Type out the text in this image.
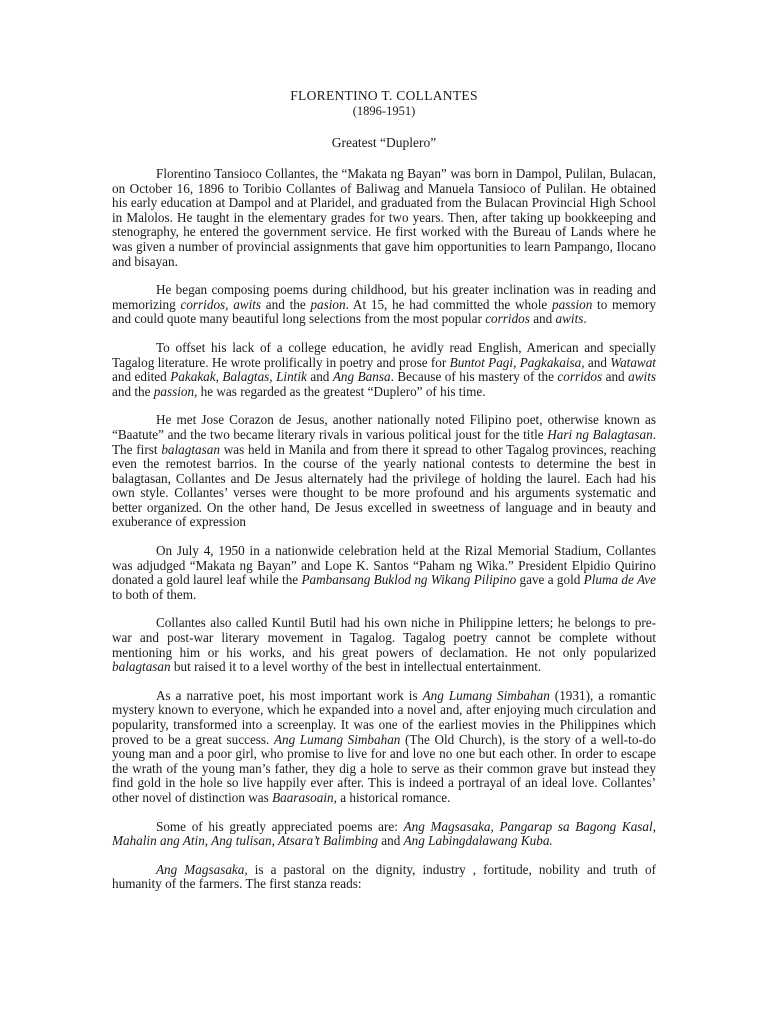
FLORENTINO T. COLLANTES
(1896-1951)
Greatest “Duplero”

Florentino Tansioco Collantes, the “Makata ng Bayan” was born in Dampol, Pulilan, Bulacan, on October 16, 1896 to Toribio Collantes of Baliwag and Manuela Tansioco of Pulilan. He obtained his early education at Dampol and at Plaridel, and graduated from the Bulacan Provincial High School in Malolos. He taught in the elementary grades for two years. Then, after taking up bookkeeping and stenography, he entered the government service. He first worked with the Bureau of Lands where he was given a number of provincial assignments that gave him opportunities to learn Pampango, Ilocano and bisayan.

He began composing poems during childhood, but his greater inclination was in reading and memorizing corridos, awits and the pasion. At 15, he had committed the whole passion to memory and could quote many beautiful long selections from the most popular corridos and awits.

To offset his lack of a college education, he avidly read English, American and specially Tagalog literature. He wrote prolifically in poetry and prose for Buntot Pagi, Pagkakaisa, and Watawat and edited Pakakak, Balagtas, Lintik and Ang Bansa. Because of his mastery of the corridos and awits and the passion, he was regarded as the greatest “Duplero” of his time.

He met Jose Corazon de Jesus, another nationally noted Filipino poet, otherwise known as “Baatute” and the two became literary rivals in various political joust for the title Hari ng Balagtasan. The first balagtasan was held in Manila and from there it spread to other Tagalog provinces, reaching even the remotest barrios. In the course of the yearly national contests to determine the best in balagtasan, Collantes and De Jesus alternately had the privilege of holding the laurel. Each had his own style. Collantes’ verses were thought to be more profound and his arguments systematic and better organized. On the other hand, De Jesus excelled in sweetness of language and in beauty and exuberance of expression

On July 4, 1950 in a nationwide celebration held at the Rizal Memorial Stadium, Collantes was adjudged “Makata ng Bayan” and Lope K. Santos “Paham ng Wika.” President Elpidio Quirino donated a gold laurel leaf while the Pambansang Buklod ng Wikang Pilipino gave a gold Pluma de Ave to both of them.

Collantes also called Kuntil Butil had his own niche in Philippine letters; he belongs to pre-war and post-war literary movement in Tagalog. Tagalog poetry cannot be complete without mentioning him or his works, and his great powers of declamation. He not only popularized balagtasan but raised it to a level worthy of the best in intellectual entertainment.

As a narrative poet, his most important work is Ang Lumang Simbahan (1931), a romantic mystery known to everyone, which he expanded into a novel and, after enjoying much circulation and popularity, transformed into a screenplay. It was one of the earliest movies in the Philippines which proved to be a great success. Ang Lumang Simbahan (The Old Church), is the story of a well-to-do young man and a poor girl, who promise to live for and love no one but each other. In order to escape the wrath of the young man’s father, they dig a hole to serve as their common grave but instead they find gold in the hole so live happily ever after. This is indeed a portrayal of an ideal love. Collantes’ other novel of distinction was Baarasoain, a historical romance.

Some of his greatly appreciated poems are: Ang Magsasaka, Pangarap sa Bagong Kasal, Mahalin ang Atin, Ang tulisan, Atsara’t Balimbing and Ang Labingdalawang Kuba.

Ang Magsasaka, is a pastoral on the dignity, industry , fortitude, nobility and truth of humanity of the farmers. The first stanza reads:
